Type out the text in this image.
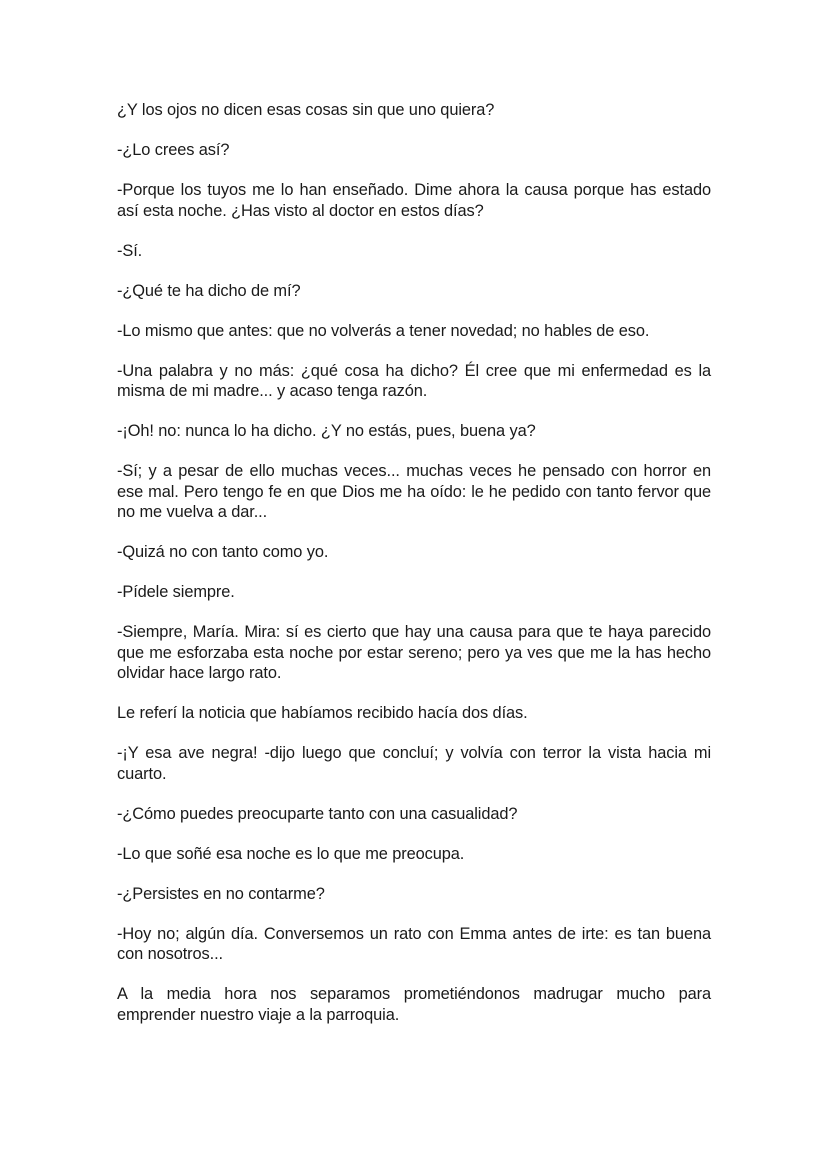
¿Y los ojos no dicen esas cosas sin que uno quiera?

-¿Lo crees así?

-Porque los tuyos me lo han enseñado. Dime ahora la causa porque has estado así esta noche. ¿Has visto al doctor en estos días?

-Sí.

-¿Qué te ha dicho de mí?

-Lo mismo que antes: que no volverás a tener novedad; no hables de eso.

-Una palabra y no más: ¿qué cosa ha dicho? Él cree que mi enfermedad es la misma de mi madre... y acaso tenga razón.

-¡Oh! no: nunca lo ha dicho. ¿Y no estás, pues, buena ya?

-Sí; y a pesar de ello muchas veces... muchas veces he pensado con horror en ese mal. Pero tengo fe en que Dios me ha oído: le he pedido con tanto fervor que no me vuelva a dar...

-Quizá no con tanto como yo.

-Pídele siempre.

-Siempre, María. Mira: sí es cierto que hay una causa para que te haya parecido que me esforzaba esta noche por estar sereno; pero ya ves que me la has hecho olvidar hace largo rato.

Le referí la noticia que habíamos recibido hacía dos días.

-¡Y esa ave negra! -dijo luego que concluí; y volvía con terror la vista hacia mi cuarto.

-¿Cómo puedes preocuparte tanto con una casualidad?

-Lo que soñé esa noche es lo que me preocupa.

-¿Persistes en no contarme?

-Hoy no; algún día. Conversemos un rato con Emma antes de irte: es tan buena con nosotros...

A la media hora nos separamos prometiéndonos madrugar mucho para emprender nuestro viaje a la parroquia.
